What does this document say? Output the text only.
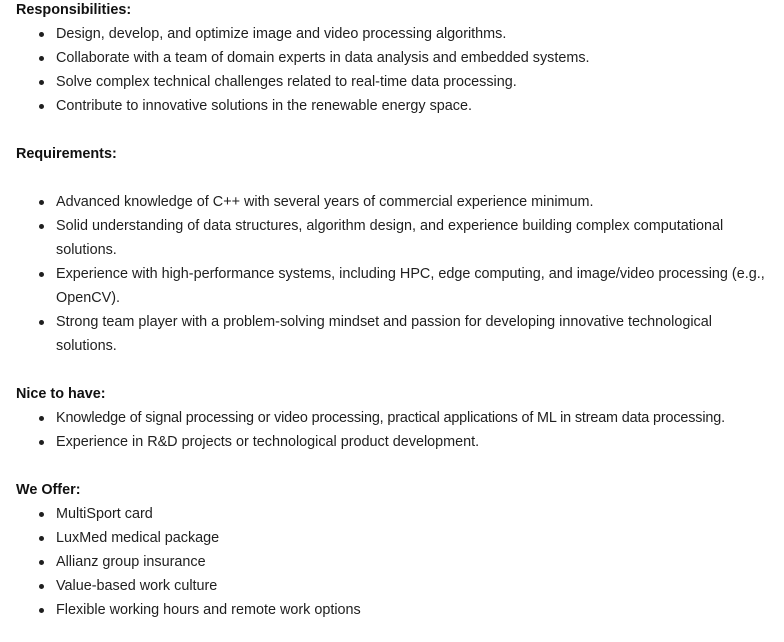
Responsibilities:
Design, develop, and optimize image and video processing algorithms.
Collaborate with a team of domain experts in data analysis and embedded systems.
Solve complex technical challenges related to real-time data processing.
Contribute to innovative solutions in the renewable energy space.
Requirements:
Advanced knowledge of C++ with several years of commercial experience minimum.
Solid understanding of data structures, algorithm design, and experience building complex computational solutions.
Experience with high-performance systems, including HPC, edge computing, and image/video processing (e.g., OpenCV).
Strong team player with a problem-solving mindset and passion for developing innovative technological solutions.
Nice to have:
Knowledge of signal processing or video processing, practical applications of ML in stream data processing.
Experience in R&D projects or technological product development.
We Offer:
MultiSport card
LuxMed medical package
Allianz group insurance
Value-based work culture
Flexible working hours and remote work options
